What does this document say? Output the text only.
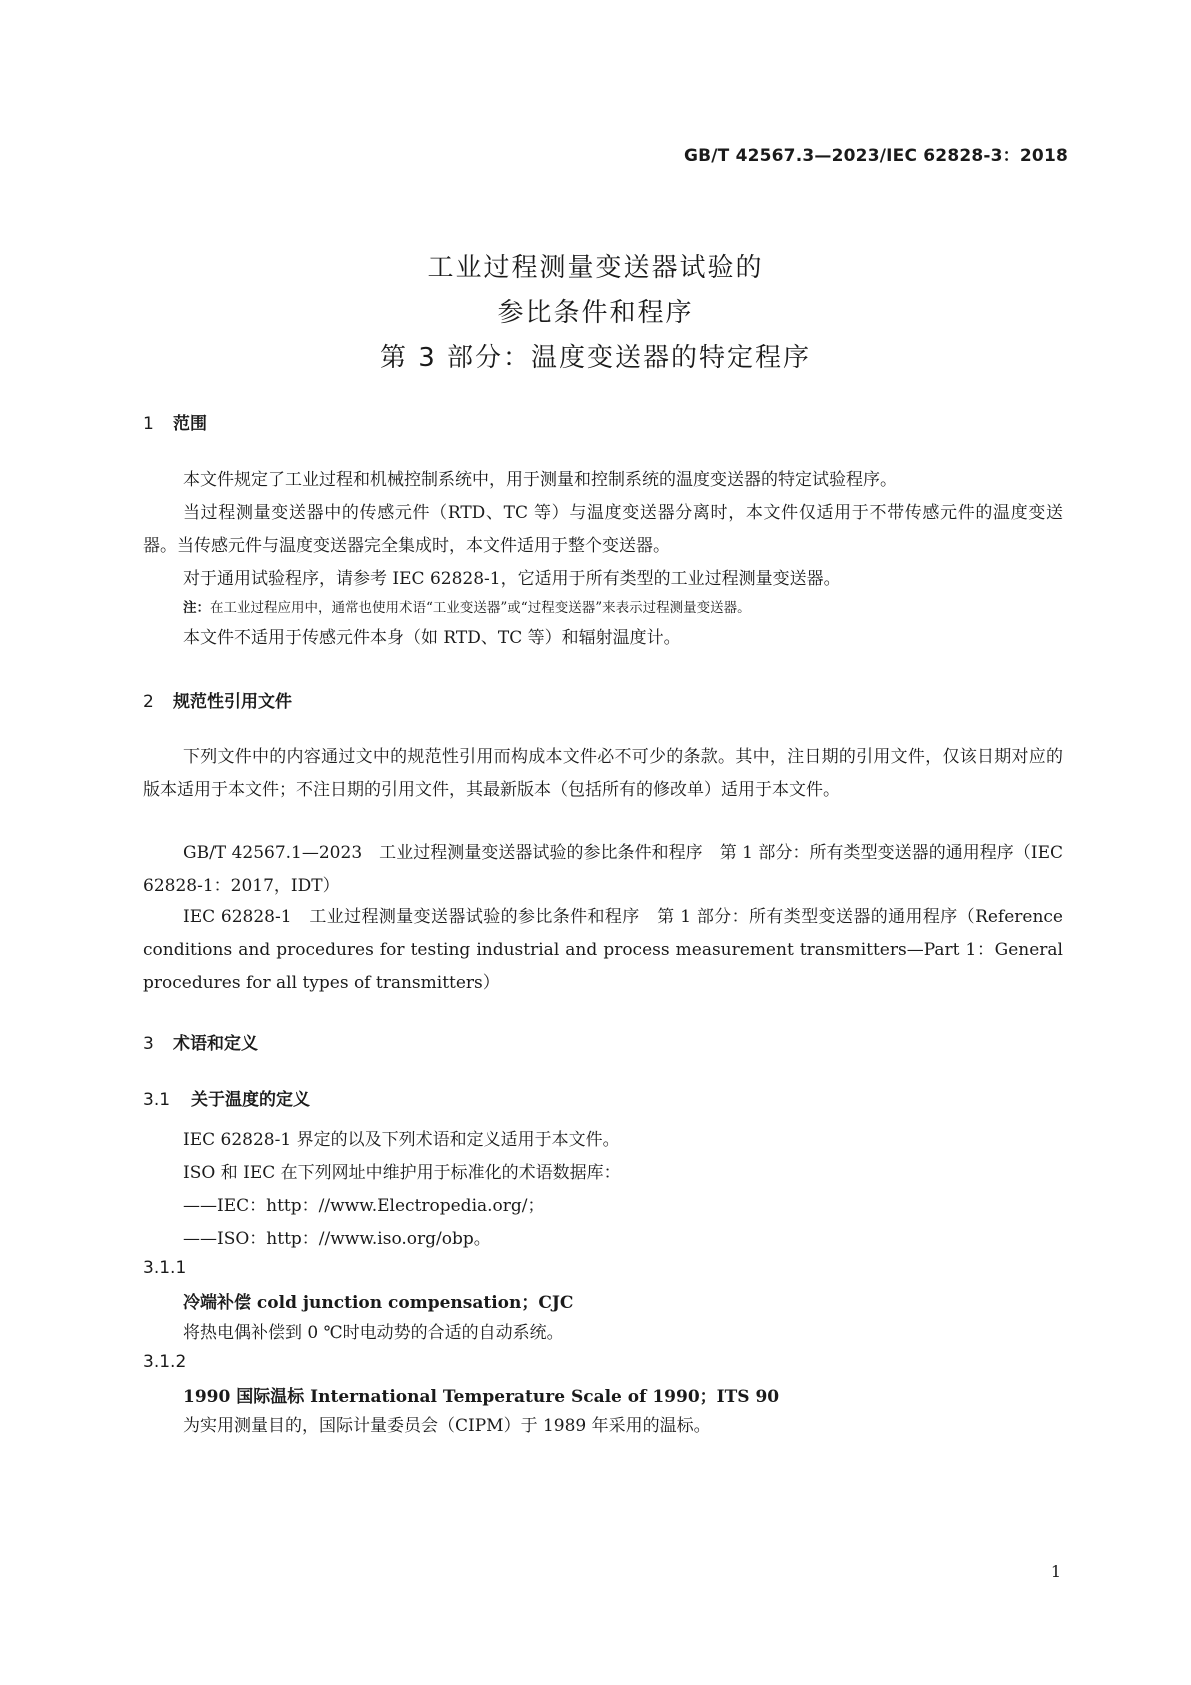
GB/T 42567.3—2023/IEC 62828-3：2018
工业过程测量变送器试验的
参比条件和程序
第 3 部分：温度变送器的特定程序
1 范围
本文件规定了工业过程和机械控制系统中，用于测量和控制系统的温度变送器的特定试验程序。
当过程测量变送器中的传感元件（RTD、TC 等）与温度变送器分离时，本文件仅适用于不带传感元件的温度变送器。当传感元件与温度变送器完全集成时，本文件适用于整个变送器。
对于通用试验程序，请参考 IEC 62828-1，它适用于所有类型的工业过程测量变送器。
注：在工业过程应用中，通常也使用术语“工业变送器”或“过程变送器”来表示过程测量变送器。
本文件不适用于传感元件本身（如 RTD、TC 等）和辐射温度计。
2 规范性引用文件
下列文件中的内容通过文中的规范性引用而构成本文件必不可少的条款。其中，注日期的引用文件，仅该日期对应的版本适用于本文件；不注日期的引用文件，其最新版本（包括所有的修改单）适用于本文件。
GB/T 42567.1—2023　工业过程测量变送器试验的参比条件和程序　第 1 部分：所有类型变送器的通用程序（IEC 62828-1：2017，IDT）
IEC 62828-1　工业过程测量变送器试验的参比条件和程序　第 1 部分：所有类型变送器的通用程序（Reference conditions and procedures for testing industrial and process measurement transmitters—Part 1：General procedures for all types of transmitters）
3 术语和定义
3.1 关于温度的定义
IEC 62828-1 界定的以及下列术语和定义适用于本文件。
ISO 和 IEC 在下列网址中维护用于标准化的术语数据库：
——IEC：http：//www.Electropedia.org/；
——ISO：http：//www.iso.org/obp。
3.1.1
冷端补偿 cold junction compensation；CJC
将热电偶补偿到 0 ℃时电动势的合适的自动系统。
3.1.2
1990 国际温标 International Temperature Scale of 1990；ITS 90
为实用测量目的，国际计量委员会（CIPM）于 1989 年采用的温标。
1
